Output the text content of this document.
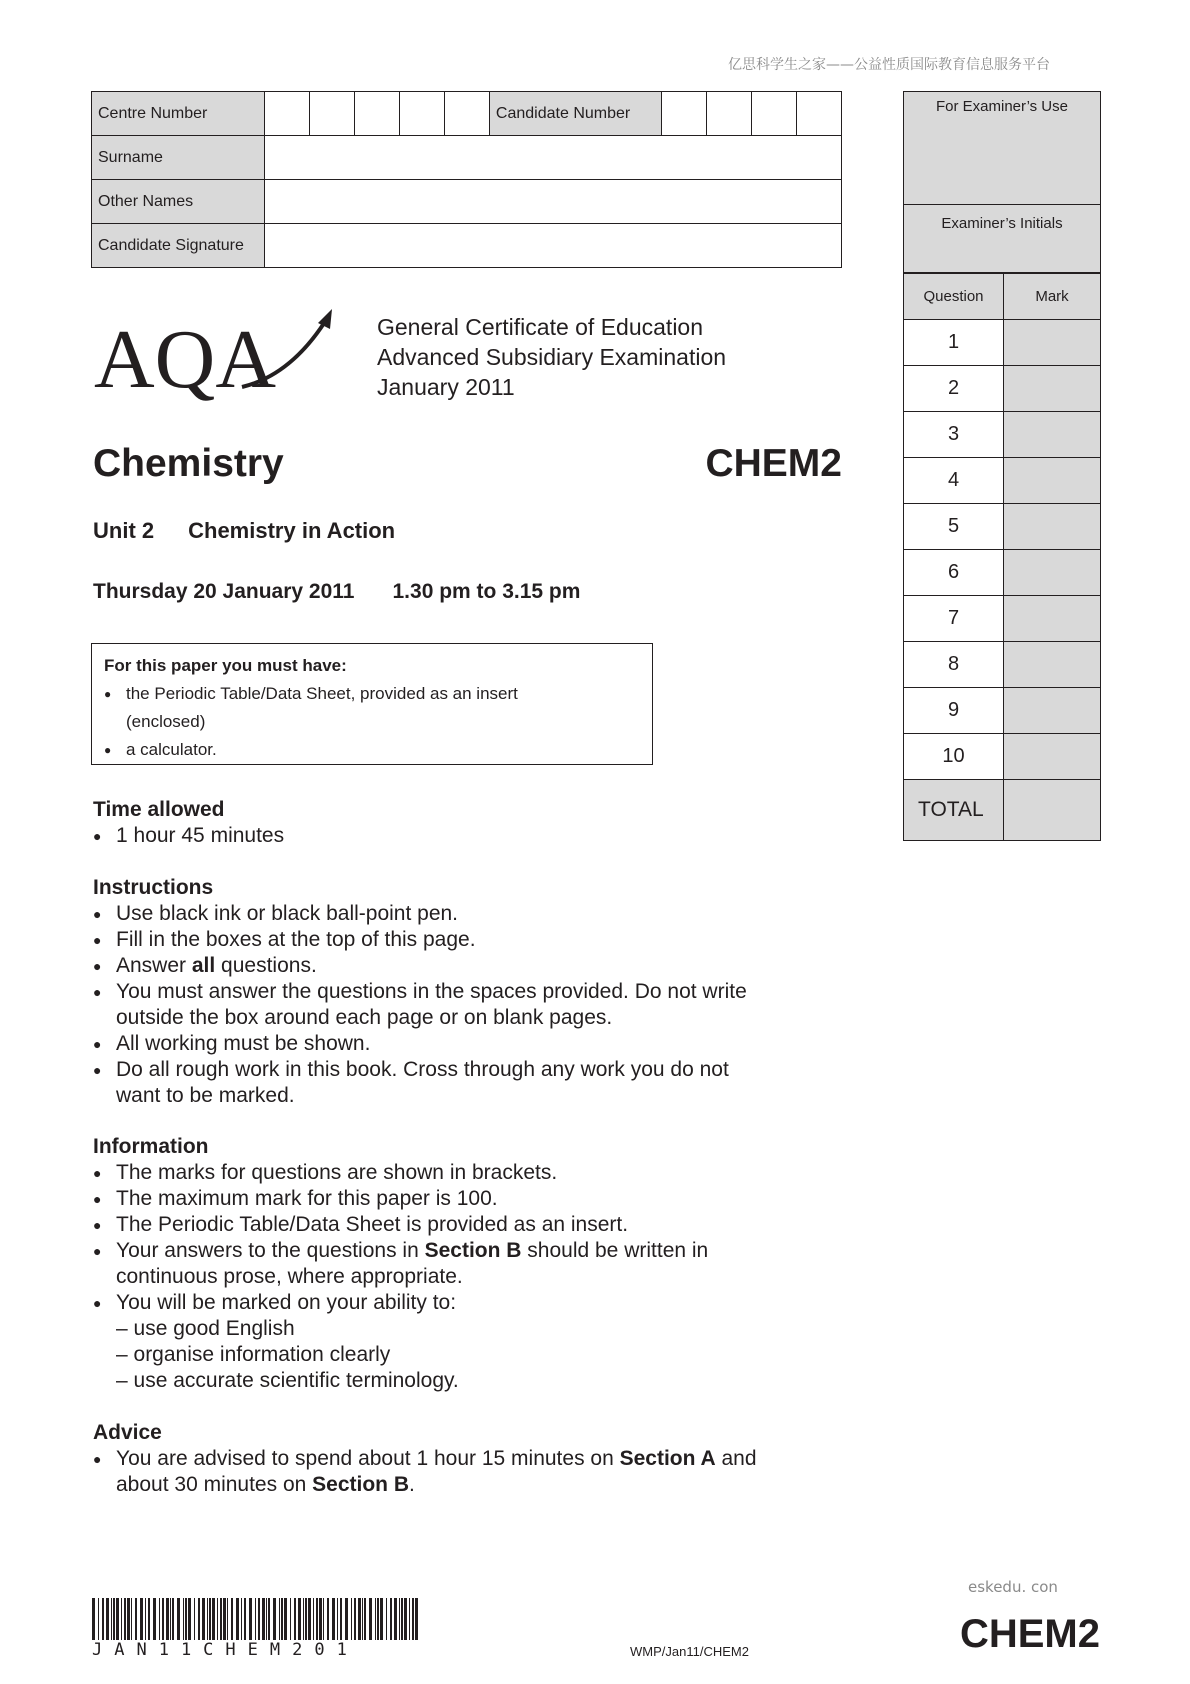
亿思科学生之家——公益性质国际教育信息服务平台
Centre Number						Candidate Number				
Surname										
Other Names										
Candidate Signature										
For Examiner’s Use
Examiner’s Initials
Question	Mark
1	
2	
3	
4	
5	
6	
7	
8	
9	
10	
TOTAL	
AQA	General Certificate of Education
Advanced Subsidiary Examination
January 2011
Chemistry	CHEM2
Unit 2 Chemistry in Action
Thursday 20 January 2011 1.30 pm to 3.15 pm
For this paper you must have:
● the Periodic Table/Data Sheet, provided as an insert
(enclosed)
● a calculator.
Time allowed
● 1 hour 45 minutes
Instructions
● Use black ink or black ball-point pen.
● Fill in the boxes at the top of this page.
● Answer all questions.
● You must answer the questions in the spaces provided. Do not write
outside the box around each page or on blank pages.
● All working must be shown.
● Do all rough work in this book. Cross through any work you do not
want to be marked.
Information
● The marks for questions are shown in brackets.
● The maximum mark for this paper is 100.
● The Periodic Table/Data Sheet is provided as an insert.
● Your answers to the questions in Section B should be written in
continuous prose, where appropriate.
● You will be marked on your ability to:
– use good English
– organise information clearly
– use accurate scientific terminology.
Advice
● You are advised to spend about 1 hour 15 minutes on Section A and
about 30 minutes on Section B.
JAN11CHEM201	WMP/Jan11/CHEM2
eskedu. con
CHEM2
